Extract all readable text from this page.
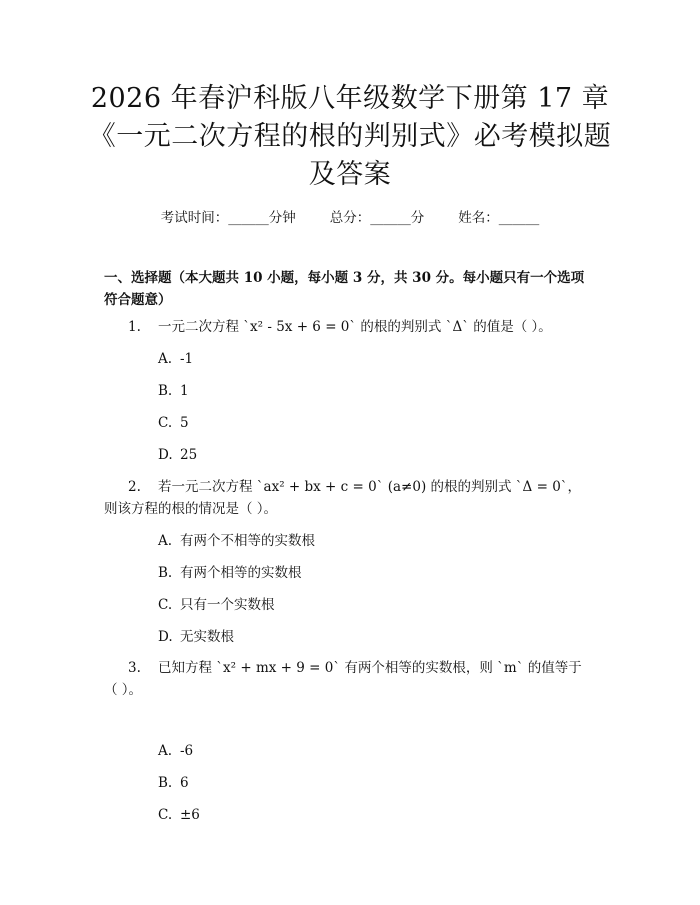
2026 年春沪科版八年级数学下册第 17 章
《一元二次方程的根的判别式》必考模拟题
及答案
考试时间：______分钟	总分：______分	姓名：______
一、选择题（本大题共 10 小题，每小题 3 分，共 30 分。每小题只有一个选项符合题意）
1. 一元二次方程 `x² - 5x + 6 = 0` 的根的判别式 `Δ` 的值是（ ）。
A. -1
B. 1
C. 5
D. 25
2. 若一元二次方程 `ax² + bx + c = 0` (a≠0) 的根的判别式 `Δ = 0`，则该方程的根的情况是（ ）。
A. 有两个不相等的实数根
B. 有两个相等的实数根
C. 只有一个实数根
D. 无实数根
3. 已知方程 `x² + mx + 9 = 0` 有两个相等的实数根，则 `m` 的值等于（ ）。
A. -6
B. 6
C. ±6
